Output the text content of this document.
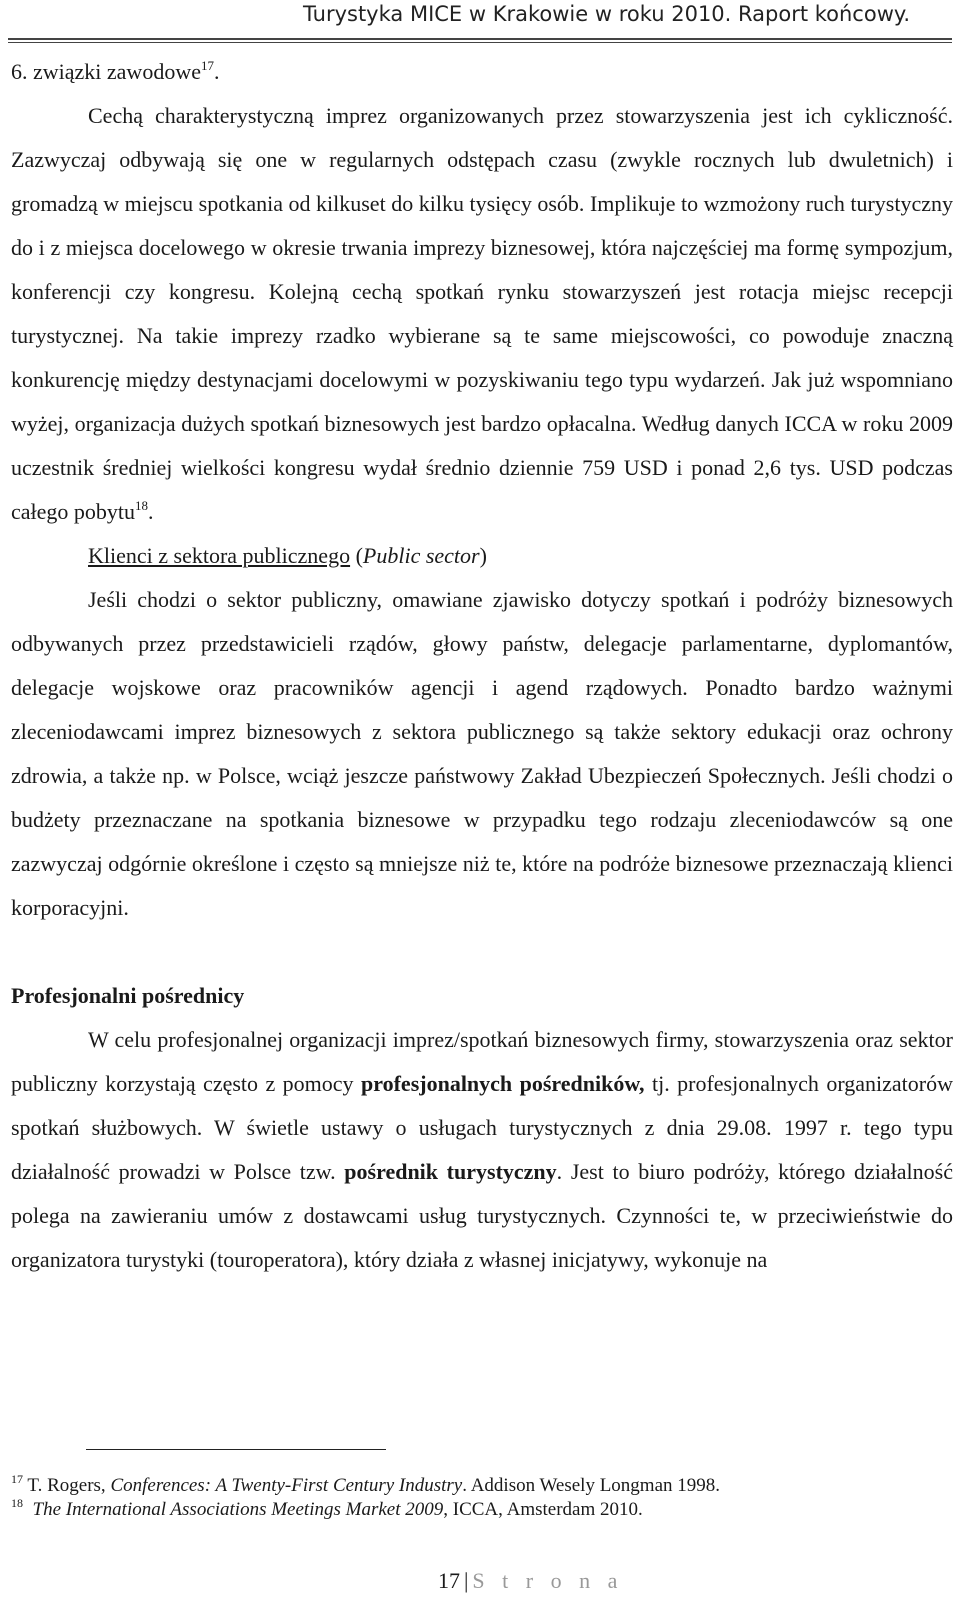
Turystyka MICE w Krakowie w roku 2010. Raport końcowy.

6. związki zawodowe$^{17}$.

Cechą charakterystyczną imprez organizowanych przez stowarzyszenia jest ich cykliczność. Zazwyczaj odbywają się one w regularnych odstępach czasu (zwykle rocznych lub dwuletnich) i gromadzą w miejscu spotkania od kilkuset do kilku tysięcy osób. Implikuje to wzmożony ruch turystyczny do i z miejsca docelowego w okresie trwania imprezy biznesowej, która najczęściej ma formę sympozjum, konferencji czy kongresu. Kolejną cechą spotkań rynku stowarzyszeń jest rotacja miejsc recepcji turystycznej. Na takie imprezy rzadko wybierane są te same miejscowości, co powoduje znaczną konkurencję między destynacjami docelowymi w pozyskiwaniu tego typu wydarzeń. Jak już wspomniano wyżej, organizacja dużych spotkań biznesowych jest bardzo opłacalna. Według danych ICCA w roku 2009 uczestnik średniej wielkości kongresu wydał średnio dziennie 759 USD i ponad 2,6 tys. USD podczas całego pobytu$^{18}$.

Klienci z sektora publicznego (Public sector)

Jeśli chodzi o sektor publiczny, omawiane zjawisko dotyczy spotkań i podróży biznesowych odbywanych przez przedstawicieli rządów, głowy państw, delegacje parlamentarne, dyplomantów, delegacje wojskowe oraz pracowników agencji i agend rządowych. Ponadto bardzo ważnymi zleceniodawcami imprez biznesowych z sektora publicznego są także sektory edukacji oraz ochrony zdrowia, a także np. w Polsce, wciąż jeszcze państwowy Zakład Ubezpieczeń Społecznych. Jeśli chodzi o budżety przeznaczane na spotkania biznesowe w przypadku tego rodzaju zleceniodawców są one zazwyczaj odgórnie określone i często są mniejsze niż te, które na podróże biznesowe przeznaczają klienci korporacyjni.

Profesjonalni pośrednicy

W celu profesjonalnej organizacji imprez/spotkań biznesowych firmy, stowarzyszenia oraz sektor publiczny korzystają często z pomocy profesjonalnych pośredników, tj. profesjonalnych organizatorów spotkań służbowych. W świetle ustawy o usługach turystycznych z dnia 29.08. 1997 r. tego typu działalność prowadzi w Polsce tzw. pośrednik turystyczny. Jest to biuro podróży, którego działalność polega na zawieraniu umów z dostawcami usług turystycznych. Czynności te, w przeciwieństwie do organizatora turystyki (touroperatora), który działa z własnej inicjatywy, wykonuje na

$^{17}$ T. Rogers, Conferences: A Twenty-First Century Industry. Addison Wesely Longman 1998.

$^{18}$ The International Associations Meetings Market 2009, ICCA, Amsterdam 2010.

17 | S t r o n a
